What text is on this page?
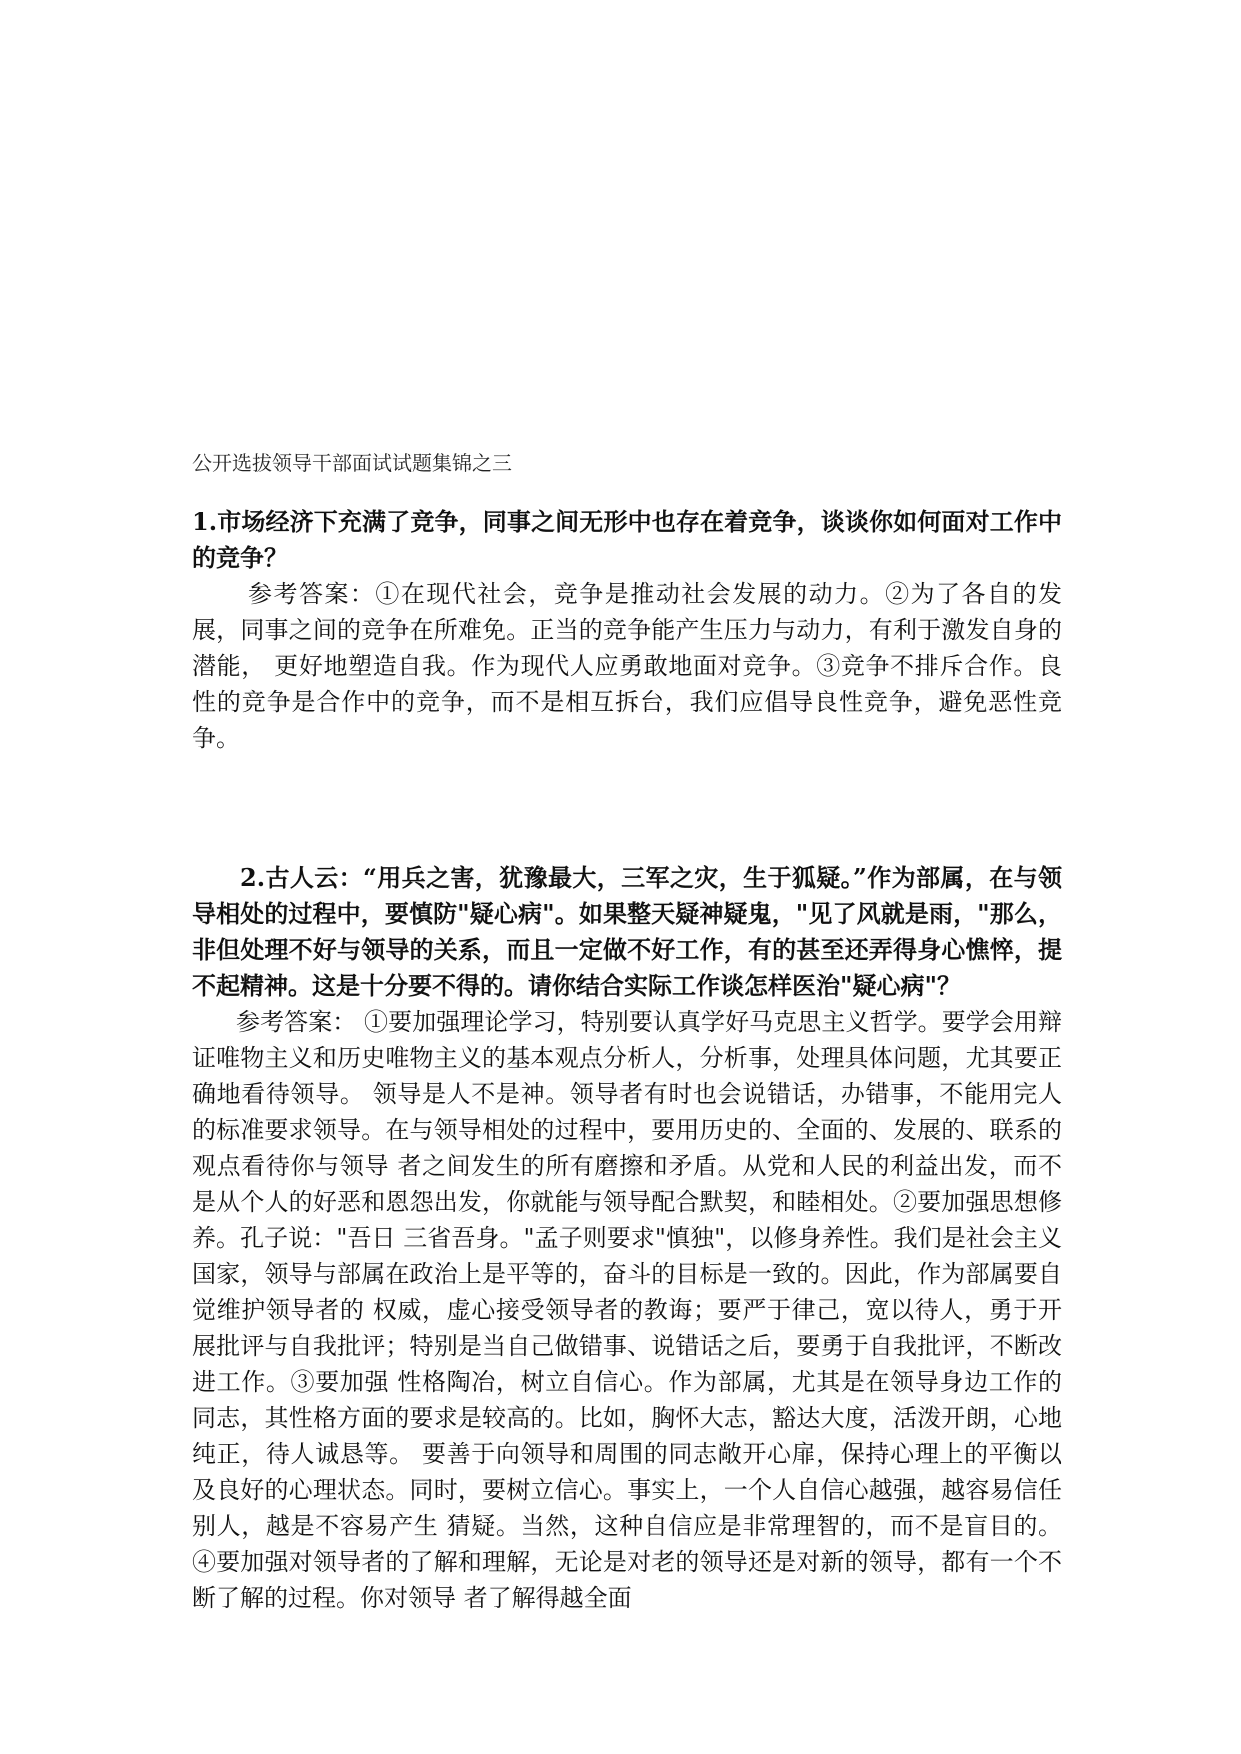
公开选拔领导干部面试试题集锦之三

1.市场经济下充满了竞争，同事之间无形中也存在着竞争，谈谈你如何面对工作中的竞争？

参考答案：①在现代社会，竞争是推动社会发展的动力。②为了各自的发展，同事之间的竞争在所难免。正当的竞争能产生压力与动力，有利于激发自身的潜能， 更好地塑造自我。作为现代人应勇敢地面对竞争。③竞争不排斥合作。良性的竞争是合作中的竞争，而不是相互拆台，我们应倡导良性竞争，避免恶性竞争。

2.古人云：“用兵之害，犹豫最大，三军之灾，生于狐疑。”作为部属，在与领导相处的过程中，要慎防"疑心病"。如果整天疑神疑鬼，"见了风就是雨，"那么，非但处理不好与领导的关系，而且一定做不好工作，有的甚至还弄得身心憔悴，提不起精神。这是十分要不得的。请你结合实际工作谈怎样医治"疑心病"？

参考答案： ①要加强理论学习，特别要认真学好马克思主义哲学。要学会用辩证唯物主义和历史唯物主义的基本观点分析人，分析事，处理具体问题，尤其要正确地看待领导。 领导是人不是神。领导者有时也会说错话，办错事，不能用完人的标准要求领导。在与领导相处的过程中，要用历史的、全面的、发展的、联系的观点看待你与领导 者之间发生的所有磨擦和矛盾。从党和人民的利益出发，而不是从个人的好恶和恩怨出发，你就能与领导配合默契，和睦相处。②要加强思想修养。孔子说："吾日 三省吾身。"孟子则要求"慎独"，以修身养性。我们是社会主义国家，领导与部属在政治上是平等的，奋斗的目标是一致的。因此，作为部属要自觉维护领导者的 权威，虚心接受领导者的教诲；要严于律己，宽以待人，勇于开展批评与自我批评；特别是当自己做错事、说错话之后，要勇于自我批评，不断改进工作。③要加强 性格陶冶，树立自信心。作为部属，尤其是在领导身边工作的同志，其性格方面的要求是较高的。比如，胸怀大志，豁达大度，活泼开朗，心地纯正，待人诚恳等。 要善于向领导和周围的同志敞开心扉，保持心理上的平衡以及良好的心理状态。同时，要树立信心。事实上，一个人自信心越强，越容易信任别人，越是不容易产生 猜疑。当然，这种自信应是非常理智的，而不是盲目的。④要加强对领导者的了解和理解，无论是对老的领导还是对新的领导，都有一个不断了解的过程。你对领导 者了解得越全面
